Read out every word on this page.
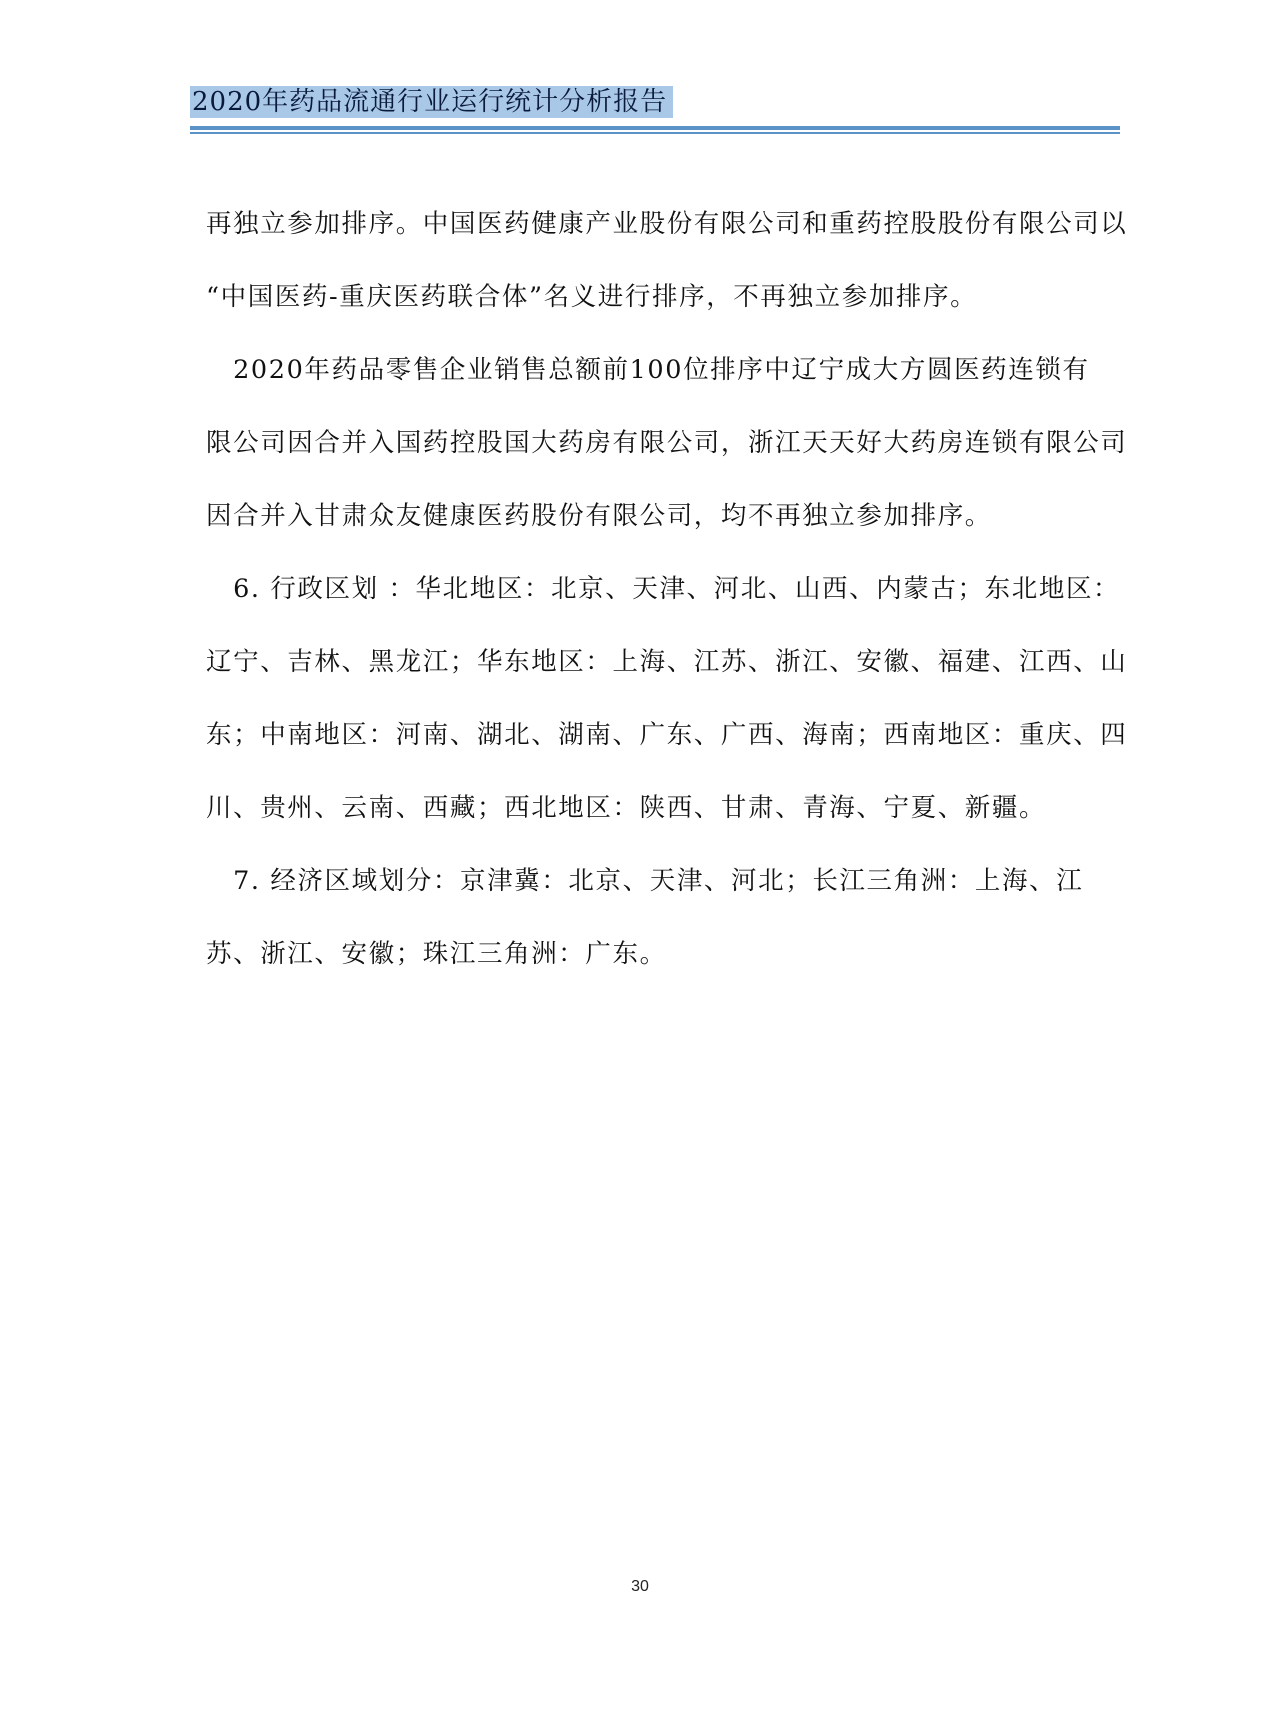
2020年药品流通行业运行统计分析报告
再独立参加排序。中国医药健康产业股份有限公司和重药控股股份有限公司以
“中国医药-重庆医药联合体”名义进行排序，不再独立参加排序。
　2020年药品零售企业销售总额前100位排序中辽宁成大方圆医药连锁有
限公司因合并入国药控股国大药房有限公司，浙江天天好大药房连锁有限公司
因合并入甘肃众友健康医药股份有限公司，均不再独立参加排序。
　6. 行政区划 ：华北地区：北京、天津、河北、山西、内蒙古；东北地区：
辽宁、吉林、黑龙江；华东地区：上海、江苏、浙江、安徽、福建、江西、山
东；中南地区：河南、湖北、湖南、广东、广西、海南；西南地区：重庆、四
川、贵州、云南、西藏；西北地区：陕西、甘肃、青海、宁夏、新疆。
　7. 经济区域划分：京津冀：北京、天津、河北；长江三角洲：上海、江
苏、浙江、安徽；珠江三角洲：广东。
30
